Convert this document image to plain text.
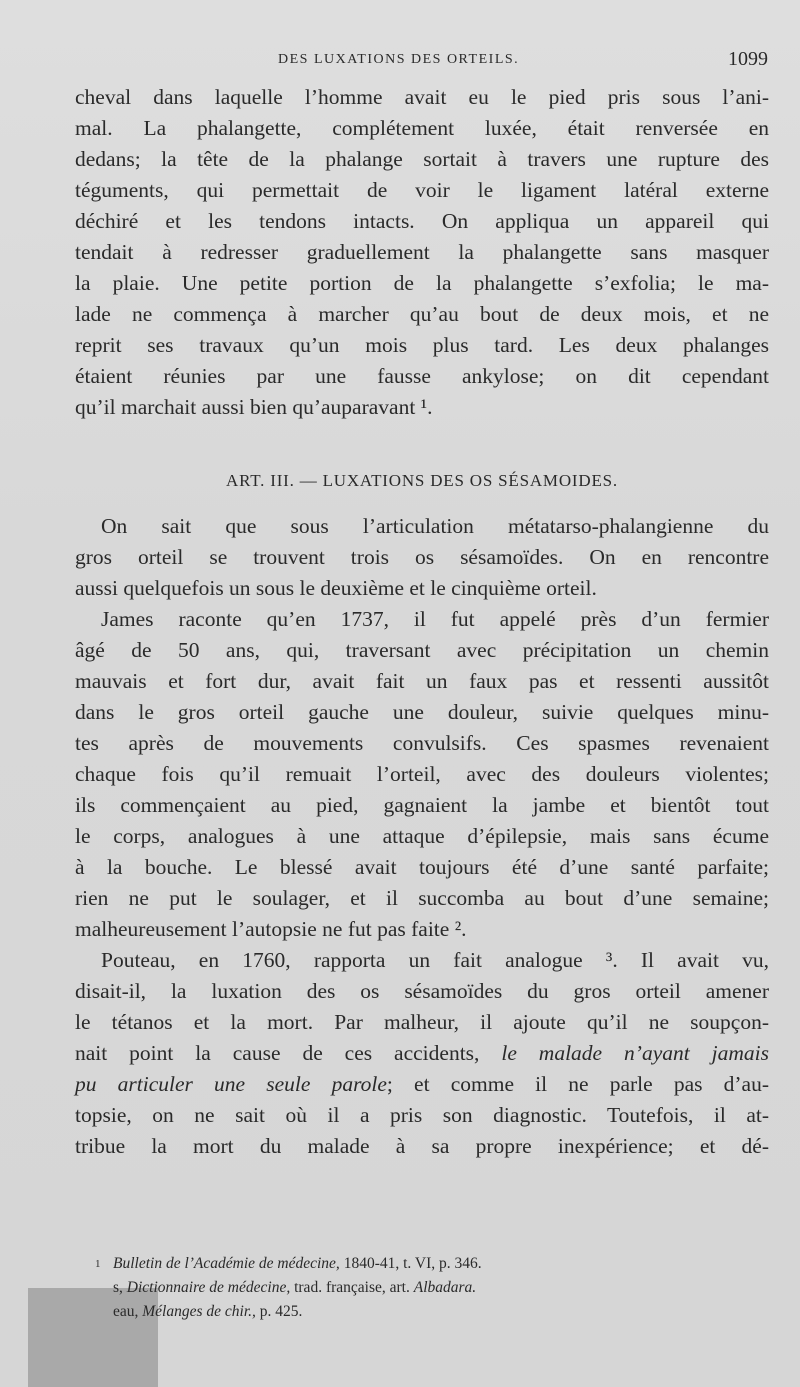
DES LUXATIONS DES ORTEILS.	1099
cheval dans laquelle l’homme avait eu le pied pris sous l’ani-
mal. La phalangette, complétement luxée, était renversée en
dedans; la tête de la phalange sortait à travers une rupture des
téguments, qui permettait de voir le ligament latéral externe
déchiré et les tendons intacts. On appliqua un appareil qui
tendait à redresser graduellement la phalangette sans masquer
la plaie. Une petite portion de la phalangette s’exfolia; le ma-
lade ne commença à marcher qu’au bout de deux mois, et ne
reprit ses travaux qu’un mois plus tard. Les deux phalanges
étaient réunies par une fausse ankylose; on dit cependant
qu’il marchait aussi bien qu’auparavant ¹.
ART. III. — LUXATIONS DES OS SÉSAMOIDES.
On sait que sous l’articulation métatarso-phalangienne du
gros orteil se trouvent trois os sésamoïdes. On en rencontre
aussi quelquefois un sous le deuxième et le cinquième orteil.
James raconte qu’en 1737, il fut appelé près d’un fermier
âgé de 50 ans, qui, traversant avec précipitation un chemin
mauvais et fort dur, avait fait un faux pas et ressenti aussitôt
dans le gros orteil gauche une douleur, suivie quelques minu-
tes après de mouvements convulsifs. Ces spasmes revenaient
chaque fois qu’il remuait l’orteil, avec des douleurs violentes;
ils commençaient au pied, gagnaient la jambe et bientôt tout
le corps, analogues à une attaque d’épilepsie, mais sans écume
à la bouche. Le blessé avait toujours été d’une santé parfaite;
rien ne put le soulager, et il succomba au bout d’une semaine;
malheureusement l’autopsie ne fut pas faite ².
Pouteau, en 1760, rapporta un fait analogue ³. Il avait vu,
disait-il, la luxation des os sésamoïdes du gros orteil amener
le tétanos et la mort. Par malheur, il ajoute qu’il ne soupçon-
nait point la cause de ces accidents, le malade n’ayant jamais
pu articuler une seule parole; et comme il ne parle pas d’au-
topsie, on ne sait où il a pris son diagnostic. Toutefois, il at-
tribue la mort du malade à sa propre inexpérience; et dé-
1 Bulletin de l’Académie de médecine, 1840-41, t. VI, p. 346.
s, Dictionnaire de médecine, trad. française, art. Albadara.
eau, Mélanges de chir., p. 425.
